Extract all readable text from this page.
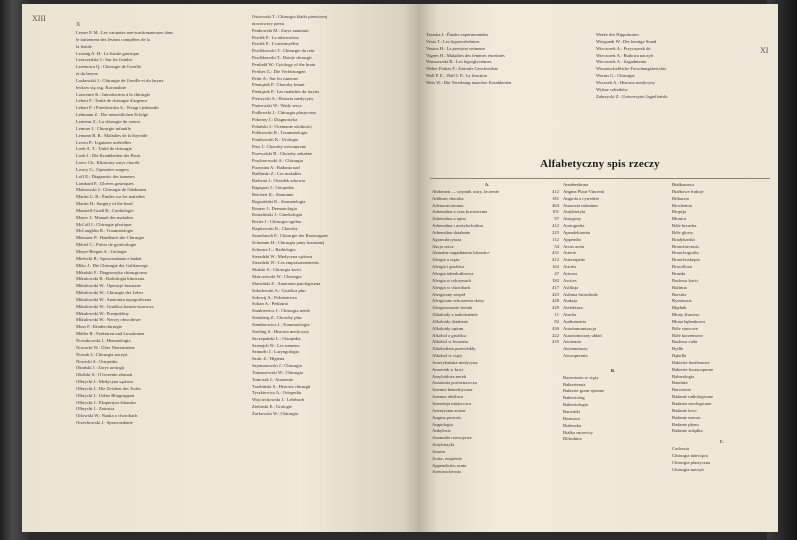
XIII
X
Lesser P. M.: Les variantes non-trachomateuses dans
le traitement des lésions complètes de la
la fistule
Lessing A. H.: La fistule gastrique
Leszczyński J.: Sur les fistules
Lezenowa Q.: Chirurgie de l'oreille
et du larynx
Laskowski J.: Chirurgie de l'oreille et du larynx
leckow się osg. Koronalnie
Lawrence K.: Introduction à la chirurgie
Lebert F.: Traité de chirurgie d'urgence
Lebert F. i Przedwirska A.: Wstęp i jednostki
Lehmann Z.: Die neuzeitlichen Erfolge
Lemieur Z.: La chirurgie du cancer
Lemure J.: Chirurgie infantile
Lemann B. R.: Maladies de la thyroïde
Lewin P.: Ligatures artérielles
Loeb A. T.: Traité de chirurgie
Loeb J.: Die Krankheiten der Brust
Loew Ch.: Kliniczny zarys chorób
Lowry G.: Operative surgery
Loff E.: Diagnostic des tumeurs
Lombard F.: Ulcères gastriques
Malnowski J.: Chirurgie de l'abdomen
Martin G. B.: Études sur les maladies
Martin H.: Surgery of the head
Mazatell-Gradl R.: Cardiologie
Mayer J.: Manuel des maladies
McCall J.: Chirurgie plastique
McLaughlin R.: Traumatologie
Meissner P.: Handbuch der Chirurgie
Mériel C.: Précis de gynécologie
Meyer-Bergen A.: Urologie
Mielecki B.: Sprawozdanie z badań
Miko J.: Die Chirurgie der Gallenwege
Mikulski F.: Diagnostyka chirurgiczna
Mikulowski R.: Radiologia kliniczna
Mikulowski W.: Operacje brzuszne
Mikulowski W.: Chirurgie der Leber
Mikulowski W.: Anatomia topograficzna
Mikulowski W.: Gruźlica kostno-stawowa
Mikulowski W.: Przepukliny
Mikulowski W.: Nerwy obwodowe
Moss F.: Kinderchirurgie
Müller R.: Frakturen und Luxationen
Nowakowski J.: Hematologia
Nowacki W.: Über Nierensteine
Nowak J.: Chirurgia naczyń
Nowicki S.: Ortopedia
Okoński J.: Zarys urologii
Okólski S.: O leczeniu złamań
Olbrycht J.: Medycyna sądowa
Olbrycht J.: Die Zeichen des Todes
Olbrycht J.: Ueber Blutgruppen
Olbrycht J.: Ekspertyza lekarska
Olbrycht J.: Zatrucia
Orlowski W.: Nauka o chorobach
Orzechowski J.: Sprawozdanie
Ostrowski T.: Chirurgia klatki piersiowej
nowotwory piersi
Pankowski M.: Zarys anatomii
Pawlik F.: La tuberculose
Pawlik F.: L'ostéomyélite
Pawlikowski T.: Chirurgie du rein
Pawlikowski T.: Dzieje chirurgii
Penfield W.: Cytology of the brain
Perthes G.: Die Verletzungen
Pettit A.: Sur les tumeurs
Pieniążek P.: Choroby krtani
Pieniążek P.: Les maladies du larynx
Pietrzycki A.: Historia medycyny
Piotrowski W.: Wady serca
Podlewski J.: Chirurgia plastyczna
Pokorny J.: Diagnostyka
Polański J.: Ocenianie zdolności
Polikowski R.: Traumatologia
Ponikowski K.: Urologia
Prus J.: Choroby wewnętrzne
Przewalski B.: Choroby zakaźne
Przyborowski A.: Chirurgia
Puzynina A.: Badania nad
Radlinski Z.: Les maladies
Radwan J.: Ośrodek zdrowia
Rapaport J.: Ortopedia
Reichert K.: Anatomie
Rogoziński K.: Stomatologia
Rosner J.: Dermatologia
Rostafiński J.: Ginekologia
Rotter J.: Chirurgia ogólna
Rzętkowski K.: Choroby
Sauerbruch F.: Chirurgie der Brustorgane
Schramm H.: Chirurgia jamy brzusznej
Schwarz L.: Radiologia
Sieradzki W.: Medycyna sądowa
Sieradzki W.: Les empoisonnements
Skalski S.: Chirurgia kości
Skórczewski W.: Chirurgia
Sławiński Z.: Anatomia patologiczna
Sokołowski A.: Gruźlica płuc
Sołowij A.: Położnictwo
Soltan A.: Pediatria
Stankiewicz J.: Chirurgia nerek
Steinberg Z.: Choroby płuc
Stembrowicz J.: Traumatologia
Sterling S.: Historia medycyny
Szczepański L.: Ortopedia
Szenajch W.: Les tumeurs
Szmurło J.: Laryngologia
Szulc Z.: Higiena
Szymanowski J.: Chirurgia
Tomaszewski W.: Chirurgia
Tomczak J.: Anatomie
Trzebiński S.: Historia chirurgii
Tyszkiewicz A.: Ortopedia
Wojciechowski J.: Lehrbuch
Zielinski E.: Urologie
Żurkowski W.: Chirurgia
XI
Trzaska J.: Études expérimentales
Vesta T.: Les hypercalcémies
Vassos H.: La pression veineuse
Vignes H.: Maladies des femmes enceintes
Warszawski R.: Les hypoglycémies
Weber Parkes F.: Zentrale Geschwülste
Wall P. E., Wall J. P.: La fonction
Weis W.: Die Vererbung mancher Krankheiten
Werke des Hippokrates
Weygandt W.: Der heutige Stand
Wieczorek A.: Przyczynek do
Wieczorek A.: Budowa naczyń
Wieczorek A.: Zagadnienia
Wissenschaftliche Forschungsberichte
Worms G.: Chirurgie
Wrzosek A.: Historia medycyny
Wykaz członków
Zabrzycki Z.: Uniwersytet Jagielloński
Alfabetyczny spis rzeczy
A.
Abdomen — czynnik ostry, leczenie
Addison choroba
Adenocarcinoma
Adrenalina a czas krwawienia
Adrenalina a tętno
Adrenalina i acetylocholina
Adrenalina działanie
Agranulocytoza
Akcja serca
Aktualne zagadnienia lekarsko-
Alergia a ciąża
Alergia i gruźlica
Alergia tuberkulinowa
Alergia w odczynach
Alergia w chorobach
Alergiczny zespół
Alergiczne schorzenia skóry
Alergizowanie świnki
Alkaloidy a nadciśnienie
Alkaloidy działanie
Alkaloidy opium
Alkohol a gruźlica
Alkohol w leczeniu
Alkoholizm przewlekły
Alkohol w ciąży
Amerykańska medycyna
Amoniak w krwi
Amyloidoza nerek
Anatomia porównawcza
Anemia hemolityczna
Anemia złośliwa
Anestezja miejscowa
Aneurysma aortae
Angina pectoris
Angiologia
Ankylosis
Anomalie rozwojowe
Antybiotyki
Anuria
Aorta, zwężenie
Appendicitis acuta
Arteriosclerosis
412
181
464
101
97
412
225
112
54
431
412
162
47
182
417
423
428
429
11
82
430
222
435
Anodendrona
Angina Plaut-Vincenti
Angiofa a cyrrodrie
Anorexia infantum
Antybiotyki
Antygeny
Aortografia
Apendektomia
Appendix
Arcus aorta
Arterie
Arteriopatie
Artritis
Artroza
Ascites
Asfiksja
Asthma bronchiale
Ataksja
Atelektaza
Atrofia
Audiometria
Autoimmunizacja
Autonomiczny układ
Azotemia
Awitaminozy
Azoospermia
B.
Bacteriuria w ciąży
Bakteriemia
Bakterie gram-ujemne
Bakteriofag
Bakteriologia
Barwniki
Bezmocz
Białaczka
Białka surowicy
Bilirubina
Białkomocz
Białkowe frakcje
Bilharzia
Biochemia
Biopsja
Błonica
Bóle brzucha
Bóle głowy
Bradykardia
Bronchiectasis
Bronchografia
Bronchoskopia
Brucelloza
Bruzda
Budowa kości
Bulimia
Bursitis
Byssinosis
Błędnik
Błony śluzowe
Błona bębenkowa
Bóle stawowe
Bóle korzeniowe
Budowa ciała
Bydło
Bąbelki
Bakterie beztlenowe
Bakterie kwasooporne
Balneologia
Bandaże
Barwienie
Badanie radiologiczne
Badania serologiczne
Badanie krwi
Badanie moczu
Badanie płynu
Badanie żołądka
C.
Cachexia
Chirurgia dziecięca
Chirurgia plastyczna
Chirurgia naczyń
